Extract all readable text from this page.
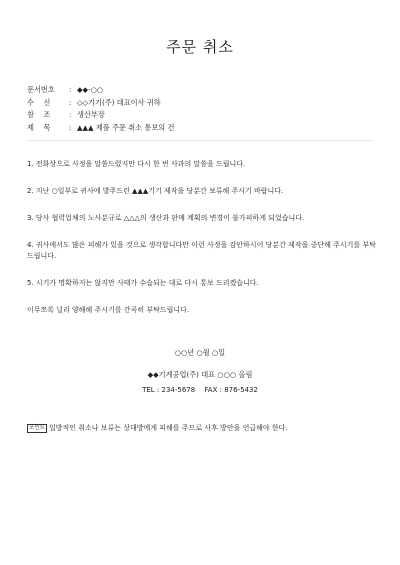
주문 취소
문서번호 : ◆◆-○○
수　 신	: ◇◇기기(주) 대표이사 귀하
참　 조	: 생산부장
제　 목	: ▲▲▲ 제품 주문 취소 통보의 건

1. 전화상으로 사정을 말씀드렸지만 다시 한 번 사과의 말씀을 드립니다.

2. 지난 ○일부로 귀사에 발주드린 ▲▲▲기기 제작을 당분간 보류해 주시기 바랍니다.

3. 당사 협력업체의 노사분규로 △△△의 생산과 판매 계획의 변경이 불가피하게 되었습니다.

4. 귀사에서도 많은 피해가 있을 것으로 생각합니다만 이런 사정을 감안하시어 당분간 제작을 중단해 주시기를 부탁드립니다.

5. 시기가 명확하지는 않지만 사태가 수습되는 대로 다시 통보 드리겠습니다.

이무쪼록 널리 양해해 주시기를 간곡히 부탁드립니다.

○○년 ○월 ○일
◆◆기계공업(주) 대표 ○○○ 올림
TEL : 234-5678 　FAX : 876-5432
포인트 일방적인 취소나 보류는 상대방에게 피해를 주므로 사후 방안을 언급해야 한다.
